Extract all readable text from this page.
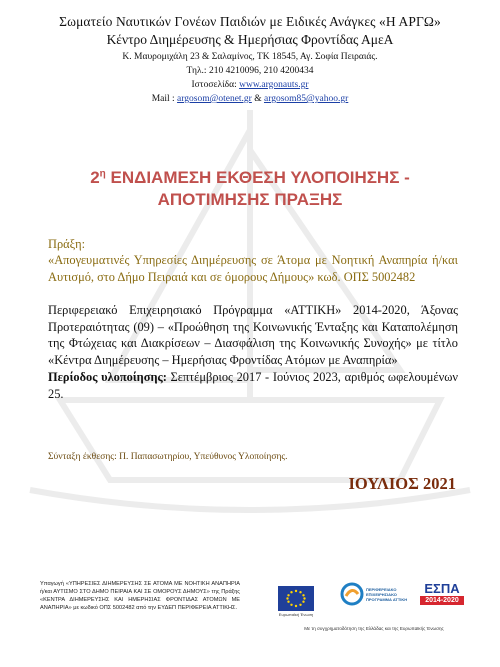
Σωματείο Ναυτικών Γονέων Παιδιών με Ειδικές Ανάγκες «Η ΑΡΓΩ»
Κέντρο Διημέρευσης & Ημερήσιας Φροντίδας ΑμεΑ
Κ. Μαυρομιχάλη 23 & Σαλαμίνος, ΤΚ 18545, Αγ. Σοφία Πειραιάς.
Τηλ.: 210 4210096, 210 4200434
Ιστοσελίδα: www.argonauts.gr
Mail : argosom@otenet.gr & argosom85@yahoo.gr
$2^\eta$ ΕΝΔΙΑΜΕΣΗ ΕΚΘΕΣΗ ΥΛΟΠΟΙΗΣΗΣ -
ΑΠΟΤΙΜΗΣΗΣ ΠΡΑΞΗΣ
Πράξη:
«Απογευματινές Υπηρεσίες Διημέρευσης σε Άτομα με Νοητική Αναπηρία ή/και Αυτισμό, στο Δήμο Πειραιά και σε όμορους Δήμους» κωδ. ΟΠΣ 5002482
Περιφερειακό Επιχειρησιακό Πρόγραμμα «ΑΤΤΙΚΗ» 2014-2020, Άξονας Προτεραιότητας (09) – «Προώθηση της Κοινωνικής Ένταξης και Καταπολέμηση της Φτώχειας και Διακρίσεων – Διασφάλιση της Κοινωνικής Συνοχής» με τίτλο «Κέντρα Διημέρευσης – Ημερήσιας Φροντίδας Ατόμων με Αναπηρία»
Περίοδος υλοποίησης: Σεπτέμβριος 2017 - Ιούνιος 2023, αριθμός ωφελουμένων 25.
Σύνταξη έκθεσης: Π. Παπασωτηρίου, Υπεύθυνος Υλοποίησης.
ΙΟΥΛΙΟΣ 2021
Υπαγωγή «ΥΠΗΡΕΣΙΕΣ ΔΙΗΜΕΡΕΥΣΗΣ ΣΕ ΑΤΟΜΑ ΜΕ ΝΟΗΤΙΚΗ ΑΝΑΠΗΡΙΑ ή/και ΑΥΤΙΣΜΟ ΣΤΟ ΔΗΜΟ ΠΕΙΡΑΙΑ ΚΑΙ ΣΕ ΟΜΟΡΟΥΣ ΔΗΜΟΥΣ» της Πράξης «ΚΕΝΤΡΑ ΔΙΗΜΕΡΕΥΣΗΣ ΚΑΙ ΗΜΕΡΗΣΙΑΣ ΦΡΟΝΤΙΔΑΣ ΑΤΟΜΩΝ ΜΕ ΑΝΑΠΗΡΙΑ» με κωδικό ΟΠΣ 5002482 από την ΕΥΔΕΠ ΠΕΡΙΦΕΡΕΙΑ ΑΤΤΙΚΗΣ.
Ευρωπαϊκή Ένωση
ΠΕΡΙΦΕΡΕΙΑΚΟ ΕΠΙΧΕΙΡΗΣΙΑΚΟ ΠΡΟΓΡΑΜΜΑ ΑΤΤΙΚΗ
ΕΣΠΑ
2014-2020
Με τη συγχρηματοδότηση της Ελλάδας και της Ευρωπαϊκής Ένωσης
